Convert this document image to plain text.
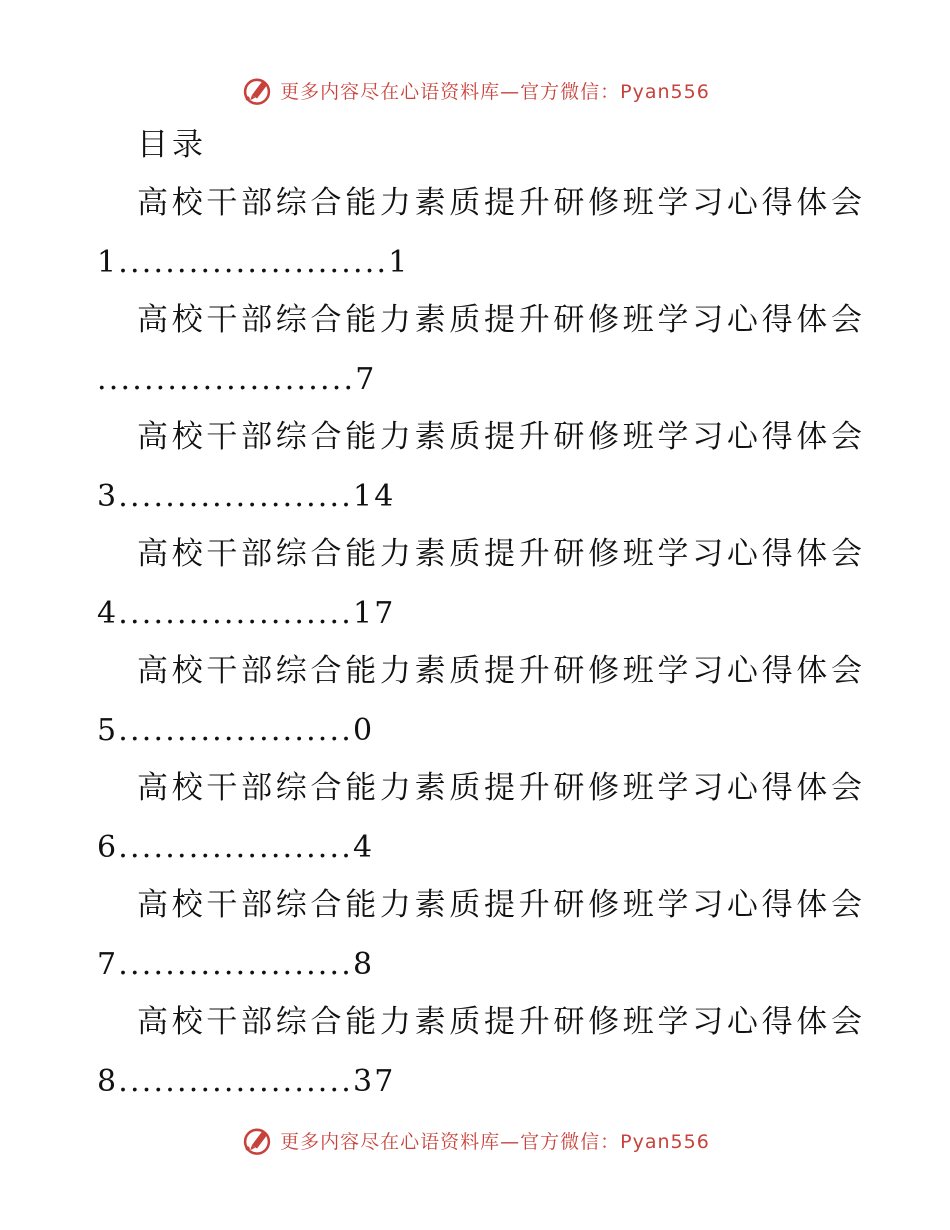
更多内容尽在心语资料库—官方微信：Pyan556
目录
高校干部综合能力素质提升研修班学习心得体会
1.......................1
高校干部综合能力素质提升研修班学习心得体会
......................7
高校干部综合能力素质提升研修班学习心得体会
3....................14
高校干部综合能力素质提升研修班学习心得体会
4....................17
高校干部综合能力素质提升研修班学习心得体会
5....................0
高校干部综合能力素质提升研修班学习心得体会
6....................4
高校干部综合能力素质提升研修班学习心得体会
7....................8
高校干部综合能力素质提升研修班学习心得体会
8....................37
更多内容尽在心语资料库—官方微信：Pyan556
